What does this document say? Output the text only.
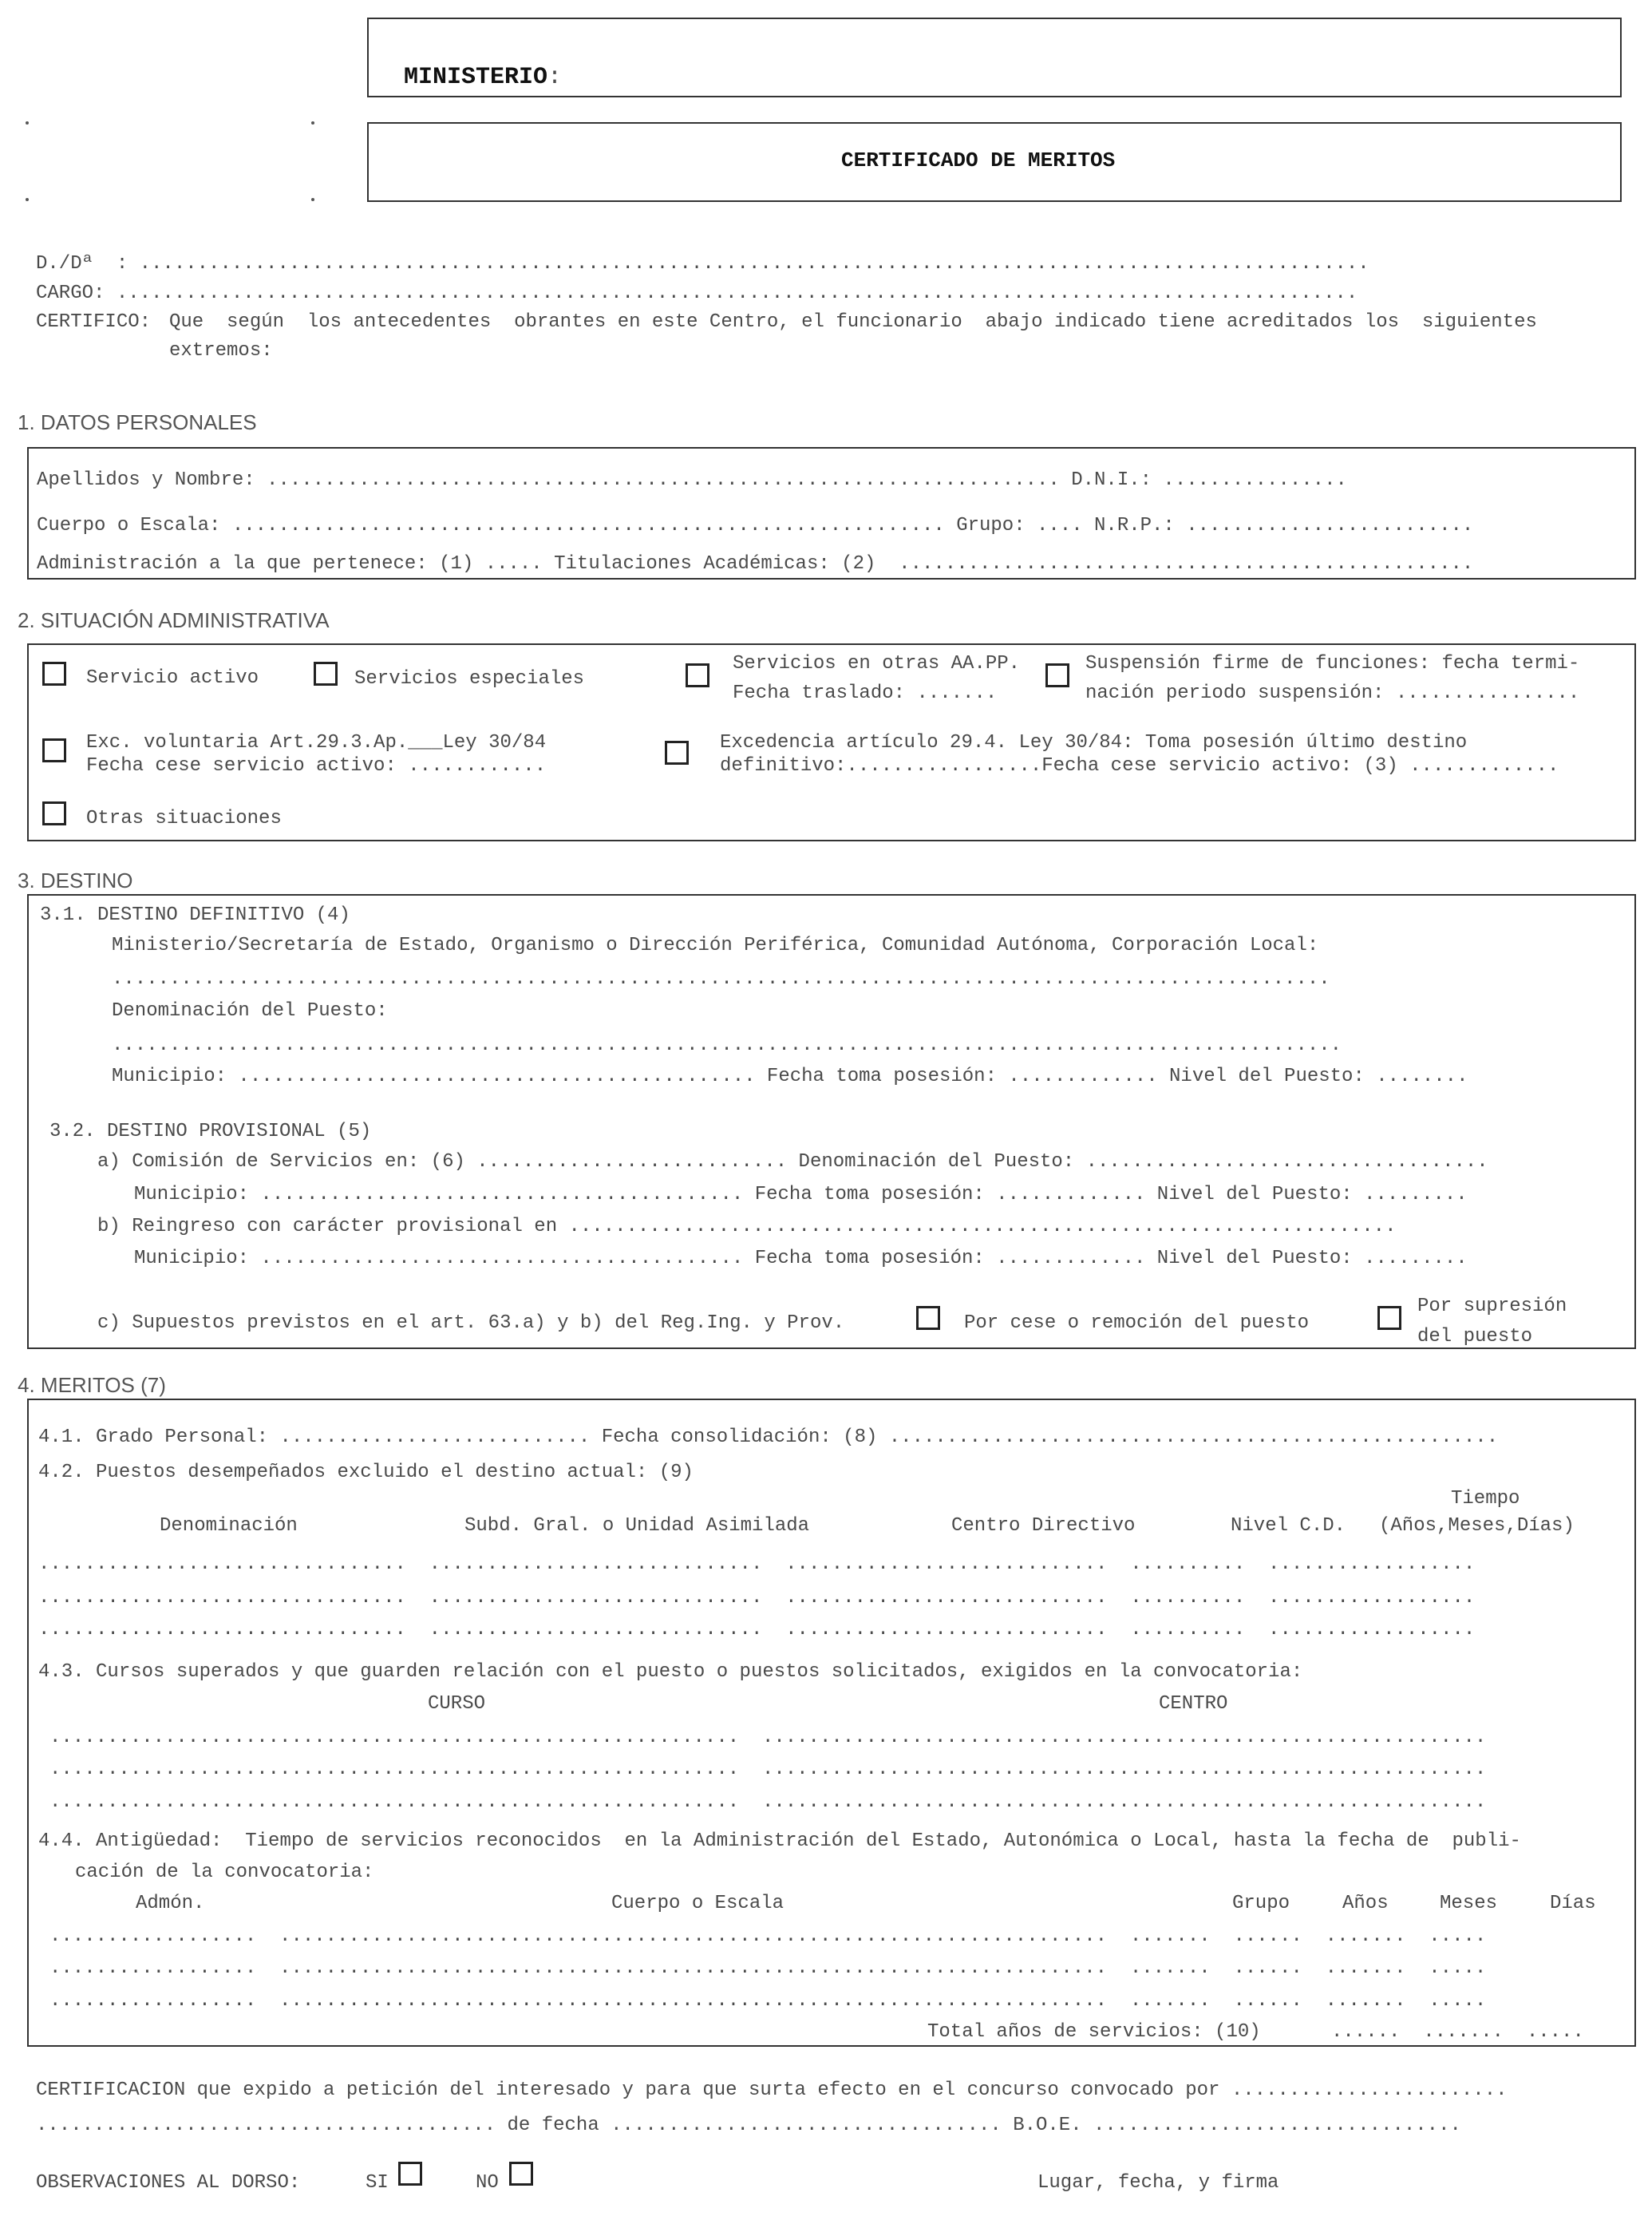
MINISTERIO:

CERTIFICADO DE MERITOS
D./Dª  : ...........................................................................................................
CARGO: ............................................................................................................
CERTIFICO: Que  según  los antecedentes  obrantes en este Centro, el funcionario  abajo indicado tiene acreditados los  siguientes
extremos:
1. DATOS PERSONALES
Apellidos y Nombre: ..................................................................... D.N.I.: ................
Cuerpo o Escala: .............................................................. Grupo: .... N.R.P.: .........................
Administración a la que pertenece: (1) ..... Titulaciones Académicas: (2)  ..................................................
2. SITUACIÓN ADMINISTRATIVA
Servicio activo	Servicios especiales
Servicios en otras AA.PP.
Fecha traslado: .......
Suspensión firme de funciones: fecha termi-
nación periodo suspensión: ................
Exc. voluntaria Art.29.3.Ap.___Ley 30/84
Fecha cese servicio activo: ............
Excedencia artículo 29.4. Ley 30/84: Toma posesión último destino
definitivo:.................Fecha cese servicio activo: (3) .............
Otras situaciones
3. DESTINO
3.1. DESTINO DEFINITIVO (4)
Ministerio/Secretaría de Estado, Organismo o Dirección Periférica, Comunidad Autónoma, Corporación Local:
..........................................................................................................
Denominación del Puesto:
...........................................................................................................
Municipio: ............................................. Fecha toma posesión: ............. Nivel del Puesto: ........
3.2. DESTINO PROVISIONAL (5)
a) Comisión de Servicios en: (6) ........................... Denominación del Puesto: ...................................
Municipio: .......................................... Fecha toma posesión: ............. Nivel del Puesto: .........
b) Reingreso con carácter provisional en ........................................................................
Municipio: .......................................... Fecha toma posesión: ............. Nivel del Puesto: .........
c) Supuestos previstos en el art. 63.a) y b) del Reg.Ing. y Prov.	Por cese o remoción del puesto
Por supresión
del puesto
4. MERITOS (7)
4.1. Grado Personal: ........................... Fecha consolidación: (8) .....................................................
4.2. Puestos desempeñados excluido el destino actual: (9)
Denominación	Subd. Gral. o Unidad Asimilada	Centro Directivo	Nivel C.D.
Tiempo
(Años,Meses,Días)
................................  .............................  ............................  ..........  ..................
................................  .............................  ............................  ..........  ..................
................................  .............................  ............................  ..........  ..................
4.3. Cursos superados y que guarden relación con el puesto o puestos solicitados, exigidos en la convocatoria:
CURSO	CENTRO
............................................................  ...............................................................
............................................................  ...............................................................
............................................................  ...............................................................
4.4. Antigüedad:  Tiempo de servicios reconocidos  en la Administración del Estado, Autonómica o Local, hasta la fecha de  publi-
cación de la convocatoria:
Admón.	Cuerpo o Escala	Grupo	Años	Meses	Días
..................  ........................................................................  .......  ......  .......  .....
..................  ........................................................................  .......  ......  .......  .....
..................  ........................................................................  .......  ......  .......  .....
Total años de servicios: (10)	......  .......  .....
CERTIFICACION que expido a petición del interesado y para que surta efecto en el concurso convocado por ........................
........................................ de fecha .................................. B.O.E. ................................
OBSERVACIONES AL DORSO:	SI	NO	Lugar, fecha, y firma
